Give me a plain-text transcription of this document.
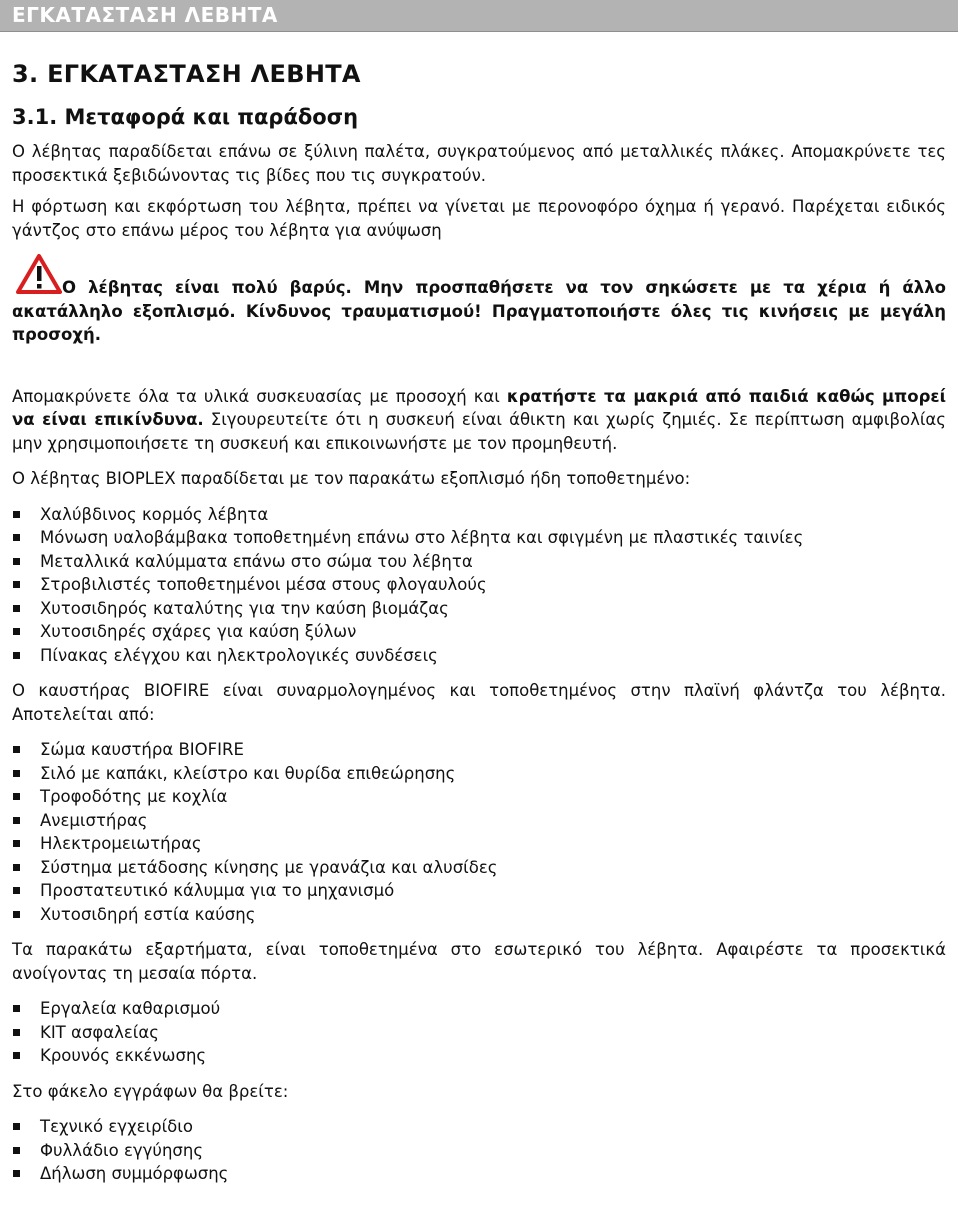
ΕΓΚΑΤΑΣΤΑΣΗ ΛΕΒΗΤΑ
3. ΕΓΚΑΤΑΣΤΑΣΗ ΛΕΒΗΤΑ
3.1. Μεταφορά και παράδοση

Ο λέβητας παραδίδεται επάνω σε ξύλινη παλέτα, συγκρατούμενος από μεταλλικές πλάκες. Απομακρύνετε τες προσεκτικά ξεβιδώνοντας τις βίδες που τις συγκρατούν.

Η φόρτωση και εκφόρτωση του λέβητα, πρέπει να γίνεται με περονοφόρο όχημα ή γερανό. Παρέχεται ειδικός γάντζος στο επάνω μέρος του λέβητα για ανύψωση

Ο λέβητας είναι πολύ βαρύς. Μην προσπαθήσετε να τον σηκώσετε με τα χέρια ή άλλο ακατάλληλο εξοπλισμό. Κίνδυνος τραυματισμού! Πραγματοποιήστε όλες τις κινήσεις με μεγάλη προσοχή.

Απομακρύνετε όλα τα υλικά συσκευασίας με προσοχή και κρατήστε τα μακριά από παιδιά καθώς μπορεί να είναι επικίνδυνα. Σιγουρευτείτε ότι η συσκευή είναι άθικτη και χωρίς ζημιές. Σε περίπτωση αμφιβολίας μην χρησιμοποιήσετε τη συσκευή και επικοινωνήστε με τον προμηθευτή.

Ο λέβητας BIOPLEX παραδίδεται με τον παρακάτω εξοπλισμό ήδη τοποθετημένο:

Χαλύβδινος κορμός λέβητα
Μόνωση υαλοβάμβακα τοποθετημένη επάνω στο λέβητα και σφιγμένη με πλαστικές ταινίες
Μεταλλικά καλύμματα επάνω στο σώμα του λέβητα
Στροβιλιστές τοποθετημένοι μέσα στους φλογαυλούς
Χυτοσιδηρός καταλύτης για την καύση βιομάζας
Χυτοσιδηρές σχάρες για καύση ξύλων
Πίνακας ελέγχου και ηλεκτρολογικές συνδέσεις

Ο καυστήρας BIOFIRE είναι συναρμολογημένος και τοποθετημένος στην πλαϊνή φλάντζα του λέβητα. Αποτελείται από:

Σώμα καυστήρα BIOFIRE
Σιλό με καπάκι, κλείστρο και θυρίδα επιθεώρησης
Τροφοδότης με κοχλία
Ανεμιστήρας
Ηλεκτρομειωτήρας
Σύστημα μετάδοσης κίνησης με γρανάζια και αλυσίδες
Προστατευτικό κάλυμμα για το μηχανισμό
Χυτοσιδηρή εστία καύσης

Τα παρακάτω εξαρτήματα, είναι τοποθετημένα στο εσωτερικό του λέβητα. Αφαιρέστε τα προσεκτικά ανοίγοντας τη μεσαία πόρτα.

Εργαλεία καθαρισμού
KIT ασφαλείας
Κρουνός εκκένωσης

Στο φάκελο εγγράφων θα βρείτε:

Τεχνικό εγχειρίδιο
Φυλλάδιο εγγύησης
Δήλωση συμμόρφωσης
